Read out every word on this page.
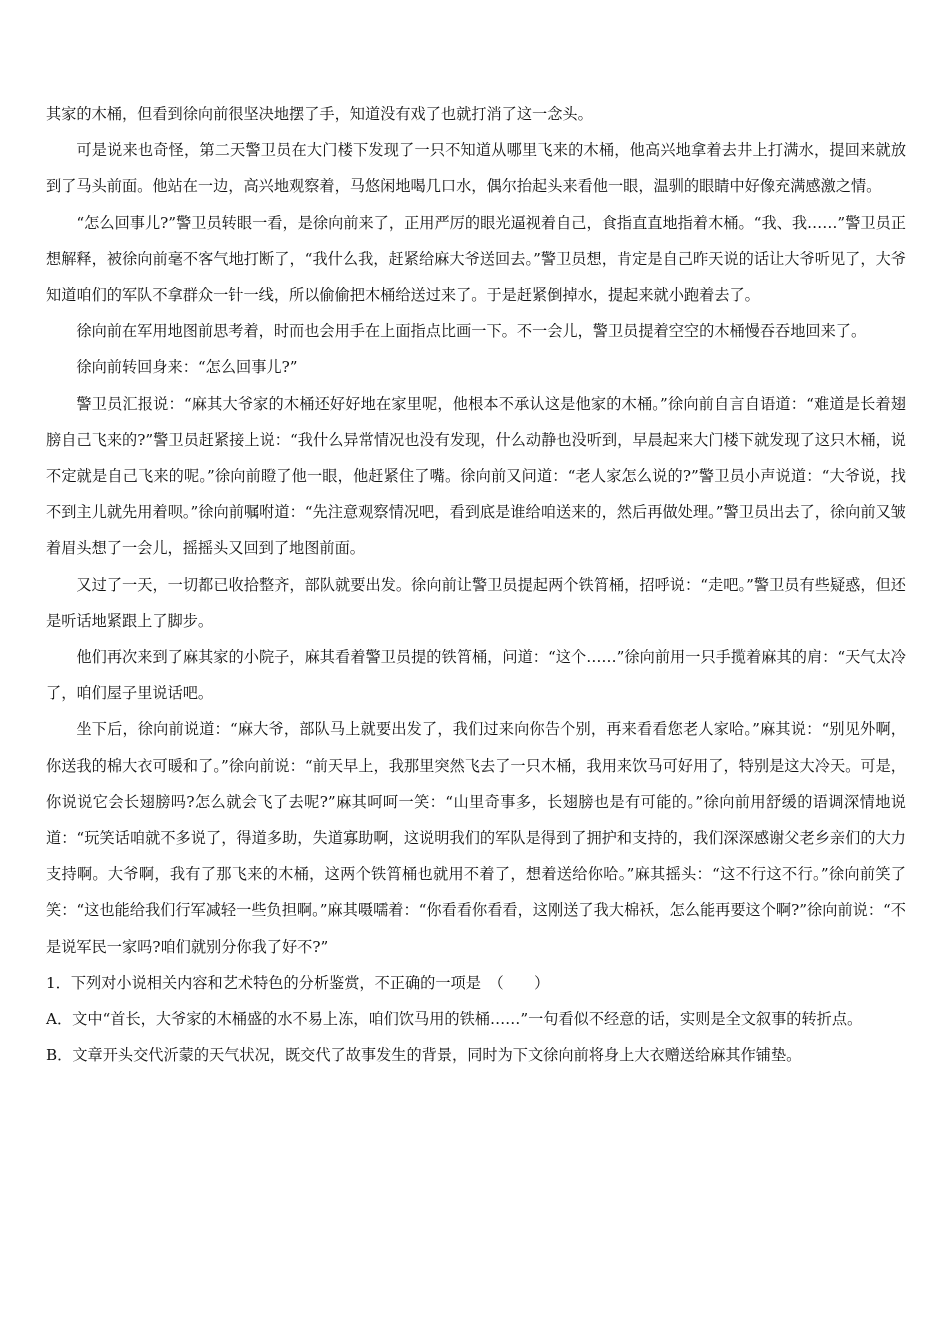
其家的木桶，但看到徐向前很坚决地摆了手，知道没有戏了也就打消了这一念头。

可是说来也奇怪，第二天警卫员在大门楼下发现了一只不知道从哪里飞来的木桶，他高兴地拿着去井上打满水，提回来就放到了马头前面。他站在一边，高兴地观察着，马悠闲地喝几口水，偶尔抬起头来看他一眼，温驯的眼睛中好像充满感激之情。

“怎么回事儿?”警卫员转眼一看，是徐向前来了，正用严厉的眼光逼视着自己，食指直直地指着木桶。“我、我……”警卫员正想解释，被徐向前毫不客气地打断了，“我什么我，赶紧给麻大爷送回去。”警卫员想，肯定是自己昨天说的话让大爷听见了，大爷知道咱们的军队不拿群众一针一线，所以偷偷把木桶给送过来了。于是赶紧倒掉水，提起来就小跑着去了。

徐向前在军用地图前思考着，时而也会用手在上面指点比画一下。不一会儿，警卫员提着空空的木桶慢吞吞地回来了。

徐向前转回身来：“怎么回事儿?”

警卫员汇报说：“麻其大爷家的木桶还好好地在家里呢，他根本不承认这是他家的木桶。”徐向前自言自语道：“难道是长着翅膀自己飞来的?”警卫员赶紧接上说：“我什么异常情况也没有发现，什么动静也没听到，早晨起来大门楼下就发现了这只木桶，说不定就是自己飞来的呢。”徐向前瞪了他一眼，他赶紧住了嘴。徐向前又问道：“老人家怎么说的?”警卫员小声说道：“大爷说，找不到主儿就先用着呗。”徐向前嘱咐道：“先注意观察情况吧，看到底是谁给咱送来的，然后再做处理。”警卫员出去了，徐向前又皱着眉头想了一会儿，摇摇头又回到了地图前面。

又过了一天，一切都已收拾整齐，部队就要出发。徐向前让警卫员提起两个铁筲桶，招呼说：“走吧。”警卫员有些疑惑，但还是听话地紧跟上了脚步。

他们再次来到了麻其家的小院子，麻其看着警卫员提的铁筲桶，问道：“这个……”徐向前用一只手揽着麻其的肩：“天气太冷了，咱们屋子里说话吧。

坐下后，徐向前说道：“麻大爷，部队马上就要出发了，我们过来向你告个别，再来看看您老人家哈。”麻其说：“别见外啊，你送我的棉大衣可暖和了。”徐向前说：“前天早上，我那里突然飞去了一只木桶，我用来饮马可好用了，特别是这大冷天。可是，你说说它会长翅膀吗?怎么就会飞了去呢?”麻其呵呵一笑：“山里奇事多，长翅膀也是有可能的。”徐向前用舒缓的语调深情地说道：“玩笑话咱就不多说了，得道多助，失道寡助啊，这说明我们的军队是得到了拥护和支持的，我们深深感谢父老乡亲们的大力支持啊。大爷啊，我有了那飞来的木桶，这两个铁筲桶也就用不着了，想着送给你哈。”麻其摇头：“这不行这不行。”徐向前笑了笑：“这也能给我们行军减轻一些负担啊。”麻其嗫嚅着：“你看看你看看，这刚送了我大棉袄，怎么能再要这个啊?”徐向前说：“不是说军民一家吗?咱们就别分你我了好不?”

1．下列对小说相关内容和艺术特色的分析鉴赏，不正确的一项是　（　　）

A．文中“首长，大爷家的木桶盛的水不易上冻，咱们饮马用的铁桶……”一句看似不经意的话，实则是全文叙事的转折点。

B．文章开头交代沂蒙的天气状况，既交代了故事发生的背景，同时为下文徐向前将身上大衣赠送给麻其作铺垫。
